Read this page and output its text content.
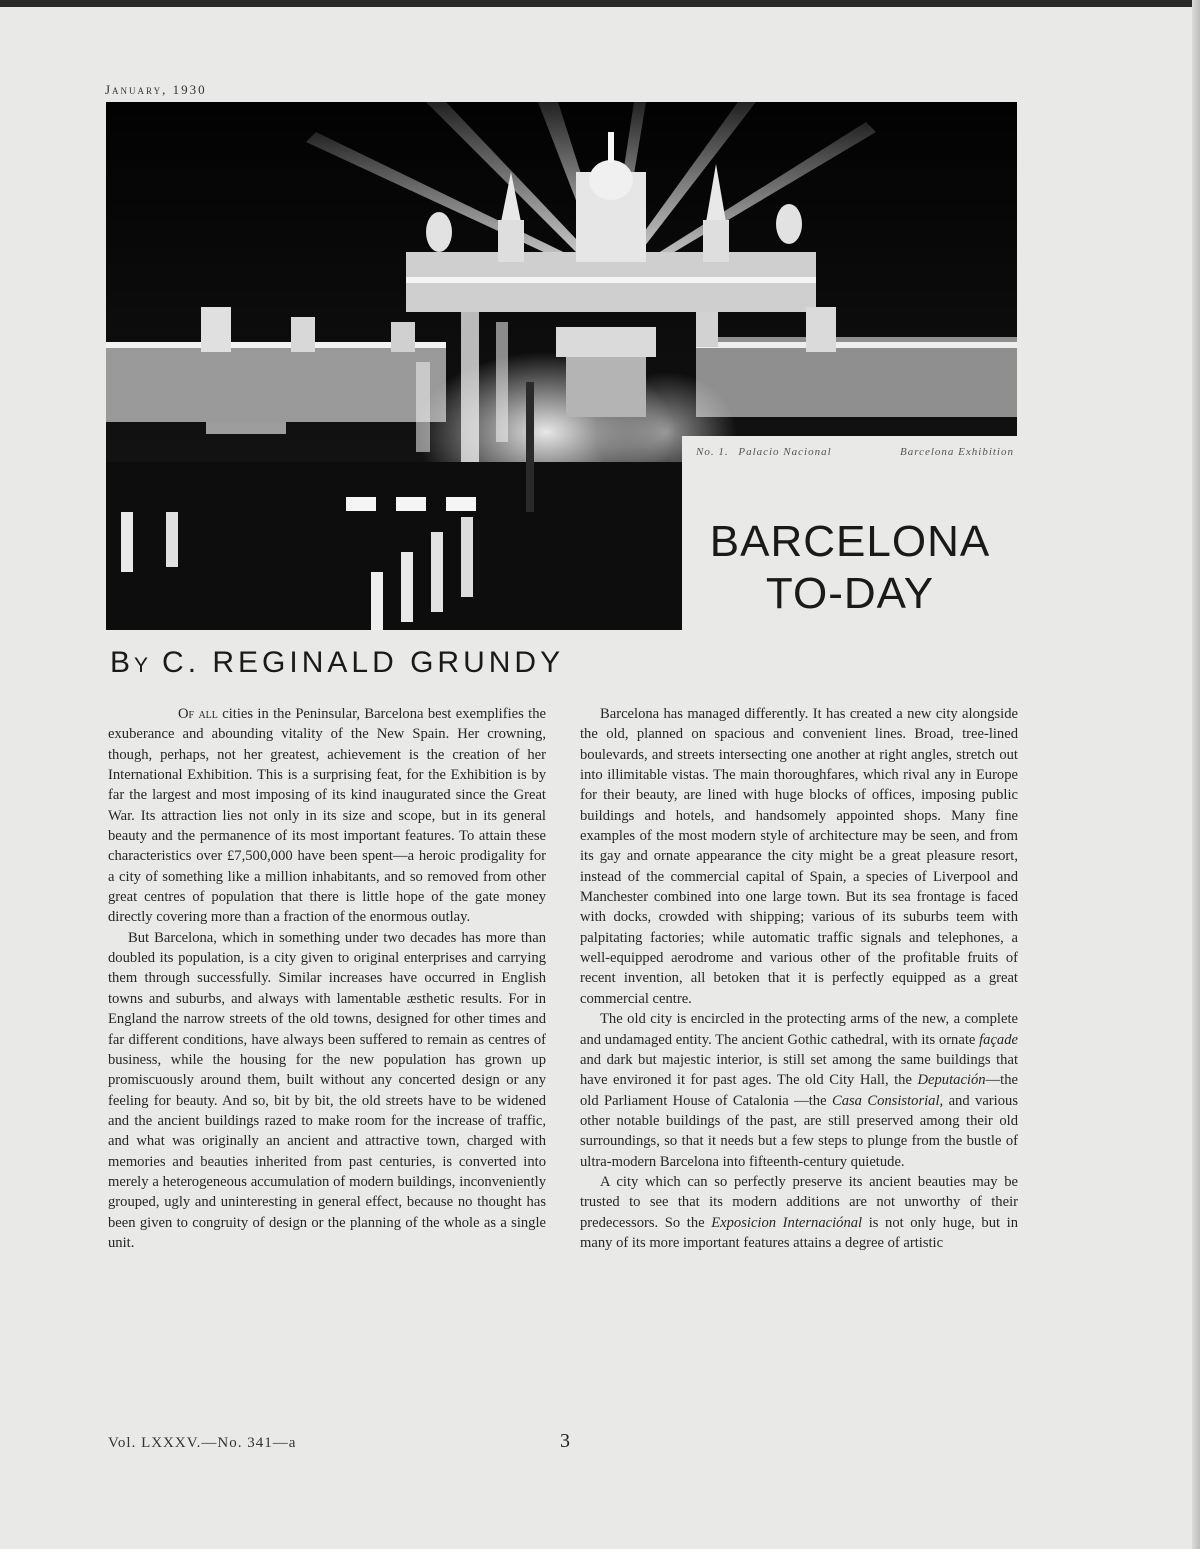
January, 1930

No. 1. Palacio Nacional	Barcelona Exhibition

BARCELONA
TO-DAY
By C. REGINALD GRUNDY

Of all cities in the Peninsular, Barcelona best exemplifies the exuberance and abounding vitality of the New Spain. Her crowning, though, perhaps, not her greatest, achievement is the creation of her International Exhibition. This is a surprising feat, for the Exhibition is by far the largest and most imposing of its kind inaugurated since the Great War. Its attraction lies not only in its size and scope, but in its general beauty and the permanence of its most important features. To attain these characteristics over £7,500,000 have been spent—a heroic prodigality for a city of something like a million inhabitants, and so removed from other great centres of population that there is little hope of the gate money directly covering more than a fraction of the enormous outlay.

But Barcelona, which in something under two decades has more than doubled its population, is a city given to original enterprises and carrying them through successfully. Similar increases have occurred in English towns and suburbs, and always with lamentable æsthetic results. For in England the narrow streets of the old towns, designed for other times and far different conditions, have always been suffered to remain as centres of business, while the housing for the new population has grown up promiscuously around them, built without any concerted design or any feeling for beauty. And so, bit by bit, the old streets have to be widened and the ancient buildings razed to make room for the increase of traffic, and what was originally an ancient and attractive town, charged with memories and beauties inherited from past centuries, is converted into merely a heterogeneous accumulation of modern buildings, inconveniently grouped, ugly and uninteresting in general effect, because no thought has been given to congruity of design or the planning of the whole as a single unit.

Barcelona has managed differently. It has created a new city alongside the old, planned on spacious and convenient lines. Broad, tree-lined boulevards, and streets intersecting one another at right angles, stretch out into illimitable vistas. The main thoroughfares, which rival any in Europe for their beauty, are lined with huge blocks of offices, imposing public buildings and hotels, and handsomely appointed shops. Many fine examples of the most modern style of architecture may be seen, and from its gay and ornate appearance the city might be a great pleasure resort, instead of the commercial capital of Spain, a species of Liverpool and Manchester combined into one large town. But its sea frontage is faced with docks, crowded with shipping; various of its suburbs teem with palpitating factories; while automatic traffic signals and telephones, a well-equipped aerodrome and various other of the profitable fruits of recent invention, all betoken that it is perfectly equipped as a great commercial centre.

The old city is encircled in the protecting arms of the new, a complete and undamaged entity. The ancient Gothic cathedral, with its ornate façade and dark but majestic interior, is still set among the same buildings that have environed it for past ages. The old City Hall, the Deputación—the old Parliament House of Catalonia —the Casa Consistorial, and various other notable buildings of the past, are still preserved among their old surroundings, so that it needs but a few steps to plunge from the bustle of ultra-modern Barcelona into fifteenth-century quietude.

A city which can so perfectly preserve its ancient beauties may be trusted to see that its modern additions are not unworthy of their predecessors. So the Exposicion Internaciónal is not only huge, but in many of its more important features attains a degree of artistic

Vol. LXXXV.—No. 341—a	3
